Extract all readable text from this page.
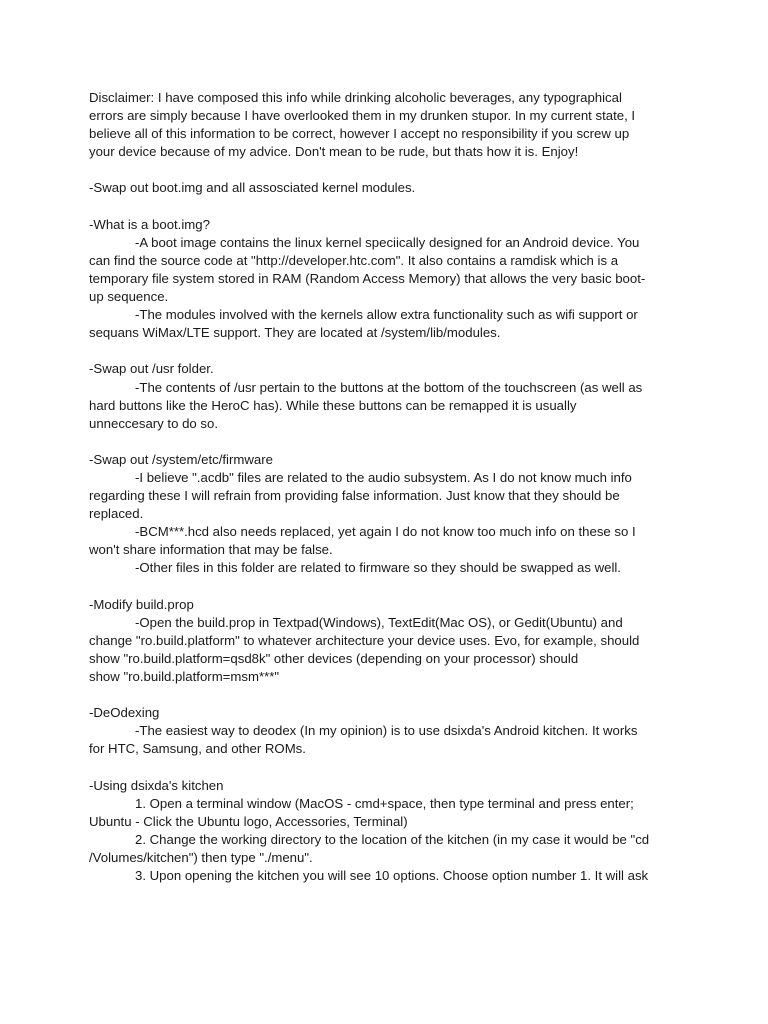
Disclaimer: I have composed this info while drinking alcoholic beverages, any typographical

errors are simply because I have overlooked them in my drunken stupor. In my current state, I

believe all of this information to be correct, however I accept no responsibility if you screw up

your device because of my advice. Don't mean to be rude, but thats how it is. Enjoy!

-Swap out boot.img and all assosciated kernel modules.

-What is a boot.img?

-A boot image contains the linux kernel speciically designed for an Android device. You

can find the source code at "http://developer.htc.com". It also contains a ramdisk which is a

temporary file system stored in RAM (Random Access Memory) that allows the very basic boot-

up sequence.

-The modules involved with the kernels allow extra functionality such as wifi support or

sequans WiMax/LTE support. They are located at /system/lib/modules.

-Swap out /usr folder.

-The contents of /usr pertain to the buttons at the bottom of the touchscreen (as well as

hard buttons like the HeroC has). While these buttons can be remapped it is usually

unneccesary to do so.

-Swap out /system/etc/firmware

-I believe ".acdb" files are related to the audio subsystem. As I do not know much info

regarding these I will refrain from providing false information. Just know that they should be

replaced.

-BCM***.hcd also needs replaced, yet again I do not know too much info on these so I

won't share information that may be false.

-Other files in this folder are related to firmware so they should be swapped as well.

-Modify build.prop

-Open the build.prop in Textpad(Windows), TextEdit(Mac OS), or Gedit(Ubuntu) and

change "ro.build.platform" to whatever architecture your device uses. Evo, for example, should

show "ro.build.platform=qsd8k" other devices (depending on your processor) should

show "ro.build.platform=msm***"

-DeOdexing

-The easiest way to deodex (In my opinion) is to use dsixda's Android kitchen. It works

for HTC, Samsung, and other ROMs.

-Using dsixda's kitchen

1. Open a terminal window (MacOS - cmd+space, then type terminal and press enter;

Ubuntu - Click the Ubuntu logo, Accessories, Terminal)

2. Change the working directory to the location of the kitchen (in my case it would be "cd

/Volumes/kitchen") then type "./menu".

3. Upon opening the kitchen you will see 10 options. Choose option number 1. It will ask
